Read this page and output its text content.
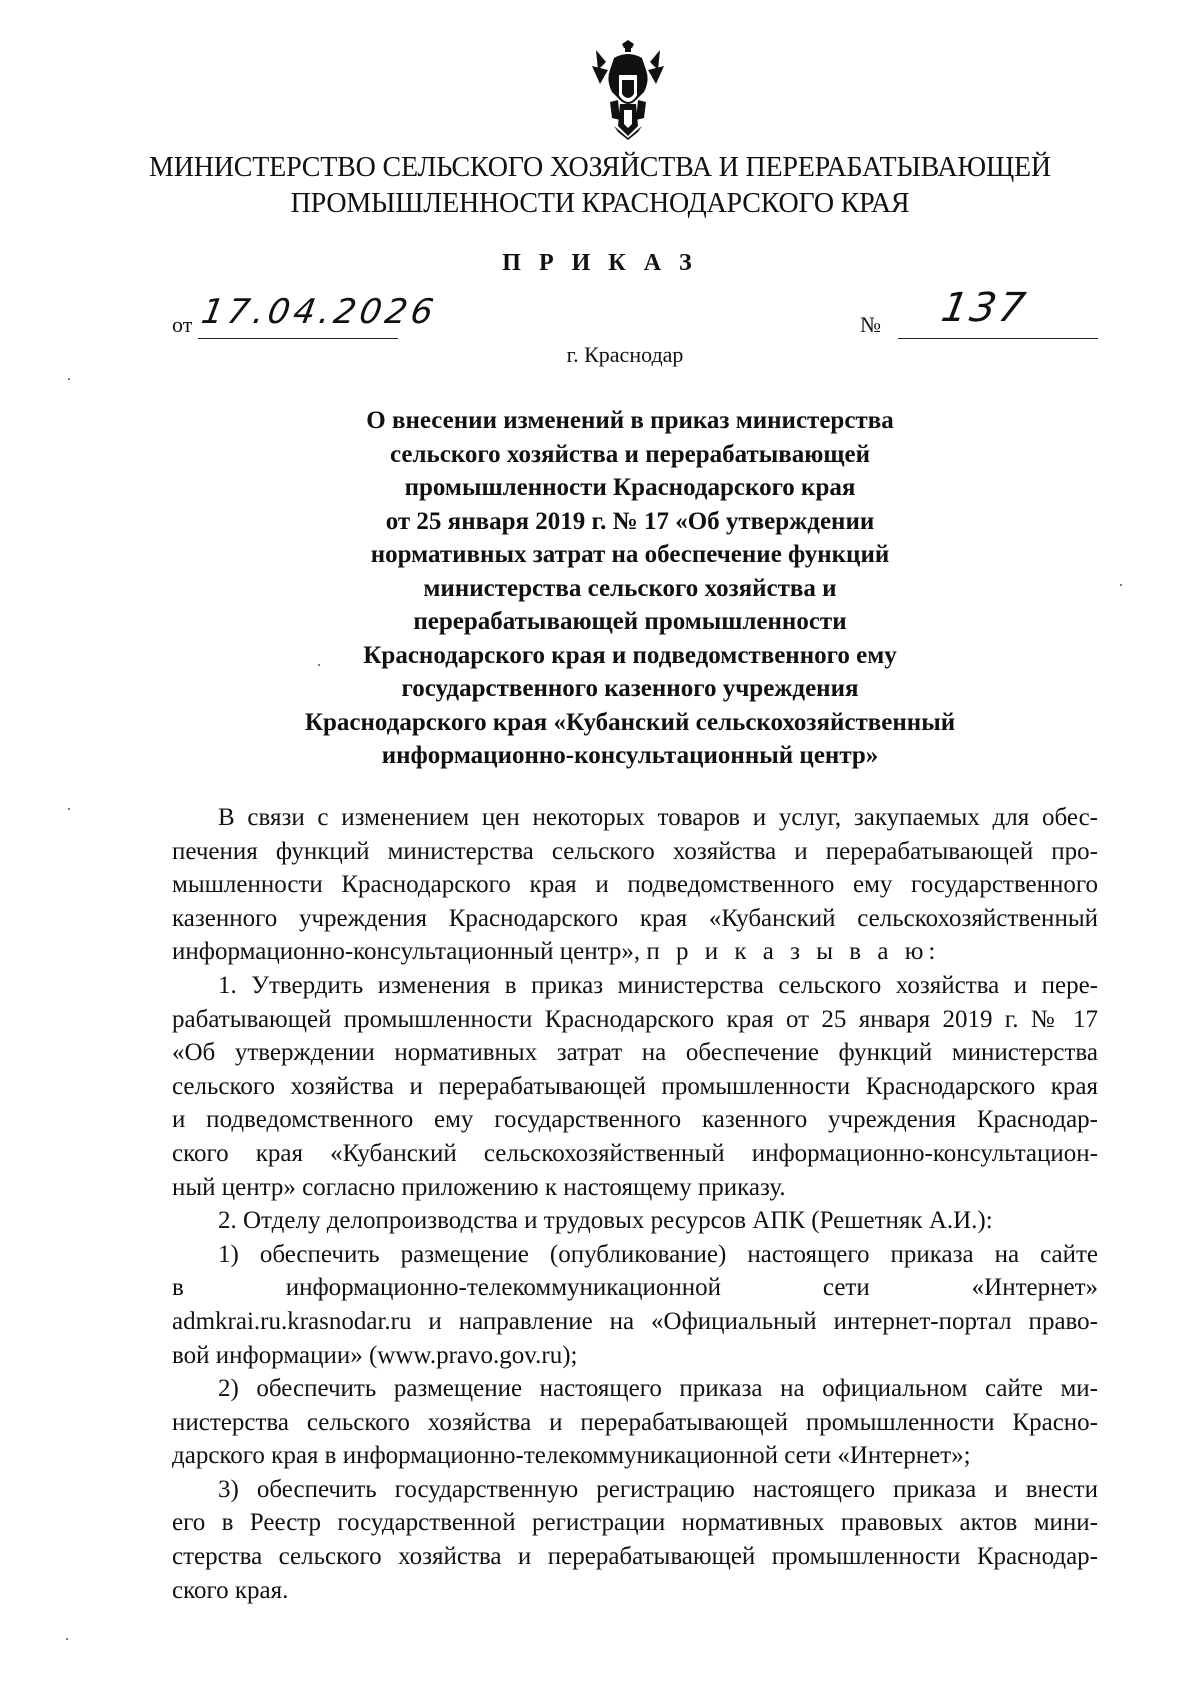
МИНИСТЕРСТВО СЕЛЬСКОГО ХОЗЯЙСТВА И ПЕРЕРАБАТЫВАЮЩЕЙ
ПРОМЫШЛЕННОСТИ КРАСНОДАРСКОГО КРАЯ
П Р И К А З
от 17.04.2026	№ 137
г. Краснодар
О внесении изменений в приказ министерства
сельского хозяйства и перерабатывающей
промышленности Краснодарского края
от 25 января 2019 г. № 17 «Об утверждении
нормативных затрат на обеспечение функций
министерства сельского хозяйства и
перерабатывающей промышленности
Краснодарского края и подведомственного ему
государственного казенного учреждения
Краснодарского края «Кубанский сельскохозяйственный
информационно-консультационный центр»
В связи с изменением цен некоторых товаров и услуг, закупаемых для обес-
печения функций министерства сельского хозяйства и перерабатывающей про-
мышленности Краснодарского края и подведомственного ему государственного
казенного учреждения Краснодарского края «Кубанский сельскохозяйственный
информационно-консультационный центр», п р и к а з ы в а ю:
1. Утвердить изменения в приказ министерства сельского хозяйства и пере-
рабатывающей промышленности Краснодарского края от 25 января 2019 г. № 17
«Об утверждении нормативных затрат на обеспечение функций министерства
сельского хозяйства и перерабатывающей промышленности Краснодарского края
и подведомственного ему государственного казенного учреждения Краснодар-
ского края «Кубанский сельскохозяйственный информационно-консультацион-
ный центр» согласно приложению к настоящему приказу.
2. Отделу делопроизводства и трудовых ресурсов АПК (Решетняк А.И.):
1) обеспечить размещение (опубликование) настоящего приказа на сайте
в информационно-телекоммуникационной сети «Интернет»
admkrai.ru.krasnodar.ru и направление на «Официальный интернет-портал право-
вой информации» (www.pravo.gov.ru);
2) обеспечить размещение настоящего приказа на официальном сайте ми-
нистерства сельского хозяйства и перерабатывающей промышленности Красно-
дарского края в информационно-телекоммуникационной сети «Интернет»;
3) обеспечить государственную регистрацию настоящего приказа и внести
его в Реестр государственной регистрации нормативных правовых актов мини-
стерства сельского хозяйства и перерабатывающей промышленности Краснодар-
ского края.
